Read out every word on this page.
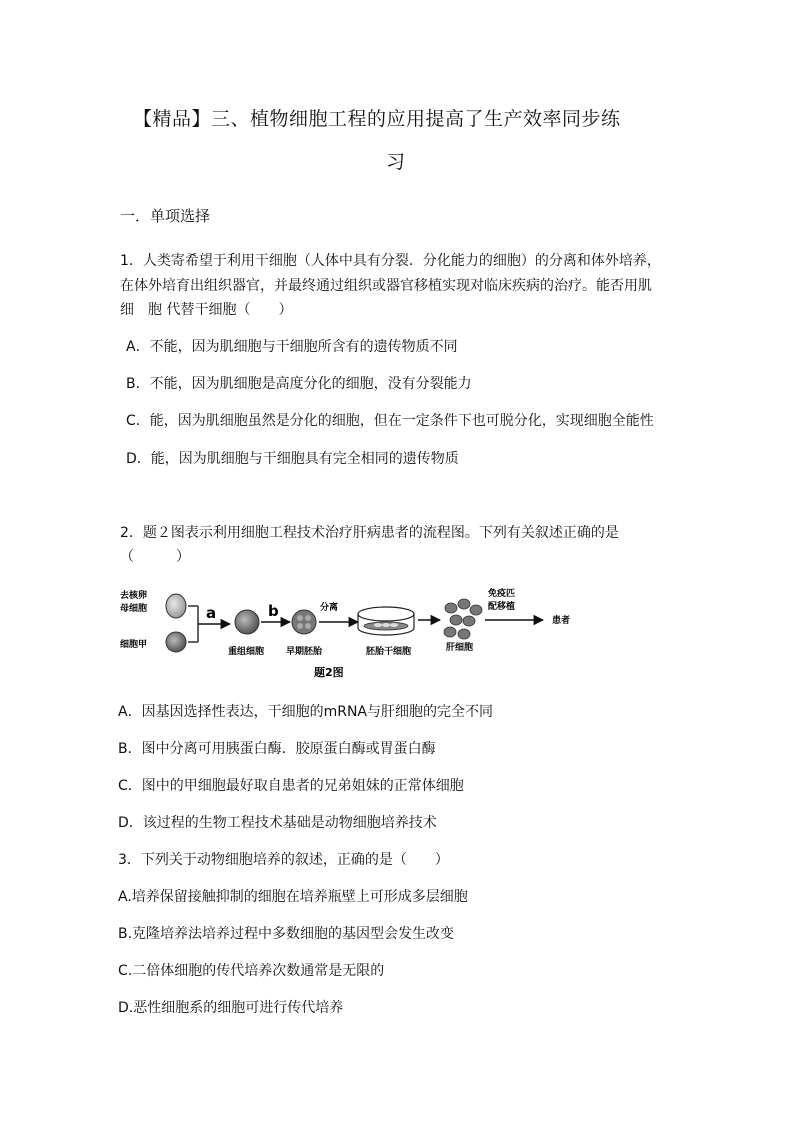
【精品】三、植物细胞工程的应用提高了生产效率同步练
习
一．单项选择
1．人类寄希望于利用干细胞（人体中具有分裂．分化能力的细胞）的分离和体外培养，
在体外培育出组织器官，并最终通过组织或器官移植实现对临床疾病的治疗。能否用肌
细　胞 代替干细胞（　　）
A．不能，因为肌细胞与干细胞所含有的遗传物质不同
B．不能，因为肌细胞是高度分化的细胞，没有分裂能力
C．能，因为肌细胞虽然是分化的细胞，但在一定条件下也可脱分化，实现细胞全能性
D．能，因为肌细胞与干细胞具有完全相同的遗传物质
2．题２图表示利用细胞工程技术治疗肝病患者的流程图。下列有关叙述正确的是
（　　　）
去核卵
母细胞
细胞甲
a
重组细胞
b
早期胚胎
分离
胚胎干细胞	肝细胞
免疫匹
配移植
患者
题2图
A．因基因选择性表达，干细胞的mRNA与肝细胞的完全不同
B．图中分离可用胰蛋白酶．胶原蛋白酶或胃蛋白酶
C．图中的甲细胞最好取自患者的兄弟姐妹的正常体细胞
D．该过程的生物工程技术基础是动物细胞培养技术
3．下列关于动物细胞培养的叙述，正确的是（　　）
A.培养保留接触抑制的细胞在培养瓶壁上可形成多层细胞
B.克隆培养法培养过程中多数细胞的基因型会发生改变
C.二倍体细胞的传代培养次数通常是无限的
D.恶性细胞系的细胞可进行传代培养
